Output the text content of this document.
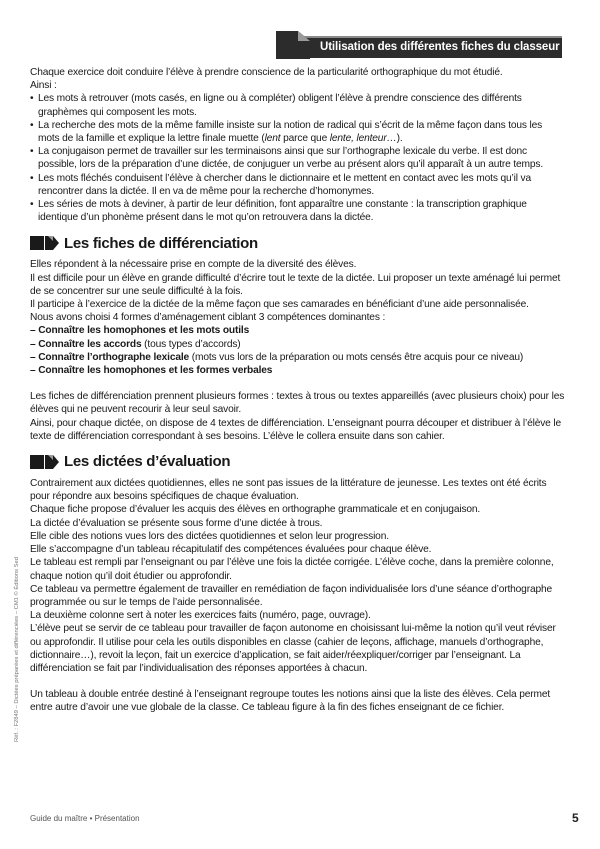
Utilisation des différentes fiches du classeur

Chaque exercice doit conduire l’élève à prendre conscience de la particularité orthographique du mot étudié.

Ainsi :

• Les mots à retrouver (mots casés, en ligne ou à compléter) obligent l’élève à prendre conscience des différents graphèmes qui composent les mots.
• La recherche des mots de la même famille insiste sur la notion de radical qui s’écrit de la même façon dans tous les mots de la famille et explique la lettre finale muette (lent parce que lente, lenteur…).
• La conjugaison permet de travailler sur les terminaisons ainsi que sur l’orthographe lexicale du verbe. Il est donc possible, lors de la préparation d’une dictée, de conjuguer un verbe au présent alors qu’il apparaît à un autre temps.
• Les mots fléchés conduisent l’élève à chercher dans le dictionnaire et le mettent en contact avec les mots qu’il va rencontrer dans la dictée. Il en va de même pour la recherche d’homonymes.
• Les séries de mots à deviner, à partir de leur définition, font apparaître une constante : la transcription graphique identique d’un phonème présent dans le mot qu’on retrouvera dans la dictée.
Les fiches de différenciation

Elles répondent à la nécessaire prise en compte de la diversité des élèves.

Il est difficile pour un élève en grande difficulté d’écrire tout le texte de la dictée. Lui proposer un texte aménagé lui permet de se concentrer sur une seule difficulté à la fois.

Il participe à l’exercice de la dictée de la même façon que ses camarades en bénéficiant d’une aide personnalisée.

Nous avons choisi 4 formes d’aménagement ciblant 3 compétences dominantes :

– Connaître les homophones et les mots outils
– Connaître les accords (tous types d’accords)
– Connaître l’orthographe lexicale (mots vus lors de la préparation ou mots censés être acquis pour ce niveau)
– Connaître les homophones et les formes verbales

Les fiches de différenciation prennent plusieurs formes : textes à trous ou textes appareillés (avec plusieurs choix) pour les élèves qui ne peuvent recourir à leur seul savoir.

Ainsi, pour chaque dictée, on dispose de 4 textes de différenciation. L’enseignant pourra découper et distribuer à l’élève le texte de différenciation correspondant à ses besoins. L’élève le collera ensuite dans son cahier.

Les dictées d’évaluation

Contrairement aux dictées quotidiennes, elles ne sont pas issues de la littérature de jeunesse. Les textes ont été écrits pour répondre aux besoins spécifiques de chaque évaluation.

Chaque fiche propose d’évaluer les acquis des élèves en orthographe grammaticale et en conjugaison.

La dictée d’évaluation se présente sous forme d’une dictée à trous.

Elle cible des notions vues lors des dictées quotidiennes et selon leur progression.

Elle s’accompagne d’un tableau récapitulatif des compétences évaluées pour chaque élève.

Le tableau est rempli par l’enseignant ou par l’élève une fois la dictée corrigée. L’élève coche, dans la première colonne, chaque notion qu’il doit étudier ou approfondir.

Ce tableau va permettre également de travailler en remédiation de façon individualisée lors d’une séance d’orthographe programmée ou sur le temps de l’aide personnalisée.

La deuxième colonne sert à noter les exercices faits (numéro, page, ouvrage).

L’élève peut se servir de ce tableau pour travailler de façon autonome en choisissant lui-même la notion qu’il veut réviser ou approfondir. Il utilise pour cela les outils disponibles en classe (cahier de leçons, affichage, manuels d’orthographe, dictionnaire…), revoit la leçon, fait un exercice d’application, se fait aider/réexpliquer/corriger par l’enseignant. La différenciation se fait par l’individualisation des réponses apportées à chacun.

Un tableau à double entrée destiné à l’enseignant regroupe toutes les notions ainsi que la liste des élèves. Cela permet entre autre d’avoir une vue globale de la classe. Ce tableau figure à la fin des fiches enseignant de ce fichier.

Réf. : F2849 – Dictées préparées et différenciées – CM1 © Éditions Sed
Guide du maître • Présentation	5
